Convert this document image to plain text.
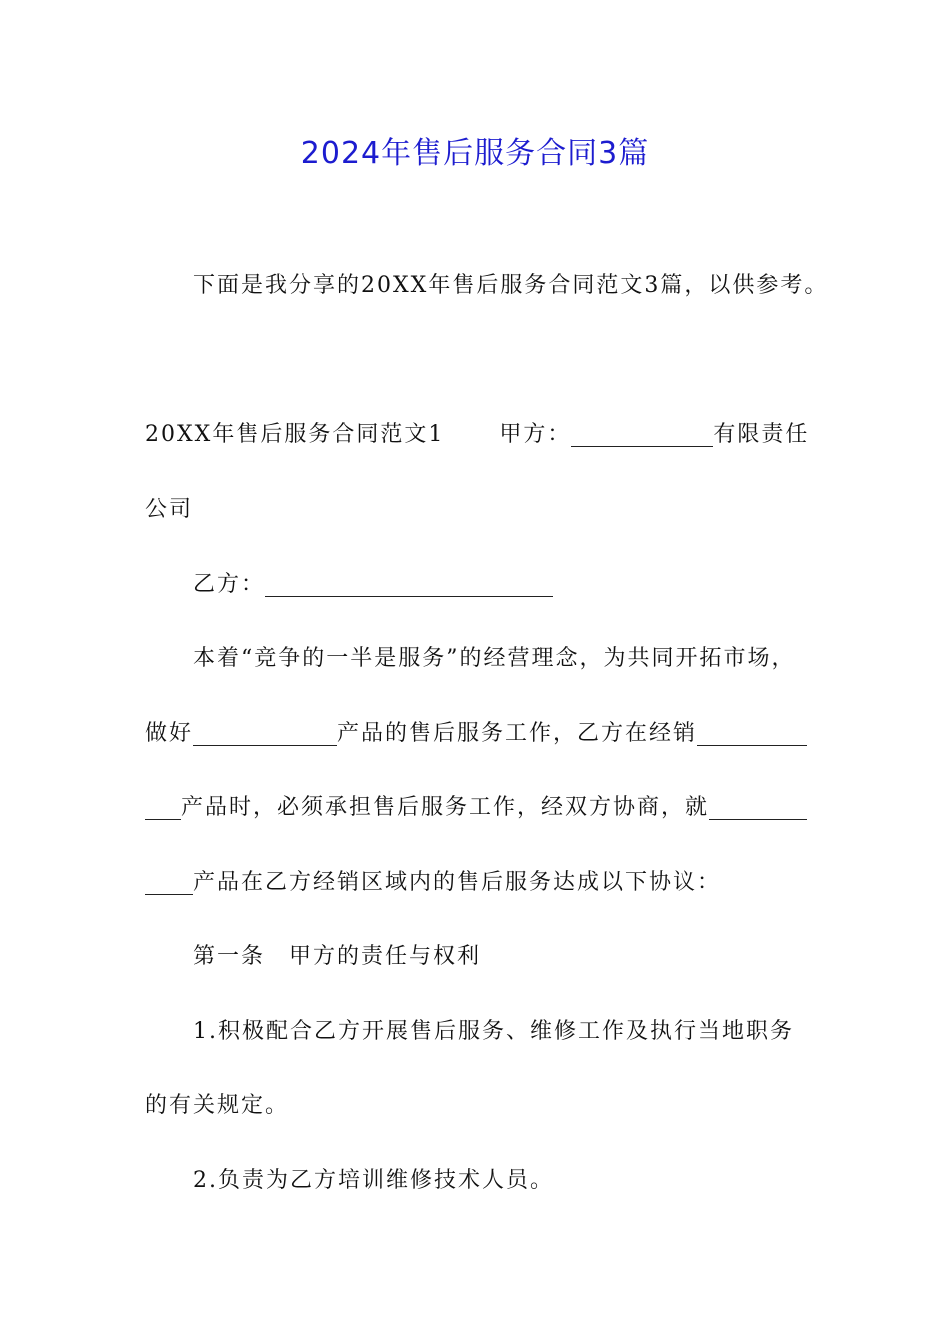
2024年售后服务合同3篇
下面是我分享的20XX年售后服务合同范文3篇，以供参考。
20XX年售后服务合同范文1	甲方：	有限责任
公司
乙方：
本着“竞争的一半是服务”的经营理念，为共同开拓市场，
做好	产品的售后服务工作，乙方在经销
产品时，必须承担售后服务工作，经双方协商，就
产品在乙方经销区域内的售后服务达成以下协议：
第一条　甲方的责任与权利
1.积极配合乙方开展售后服务、维修工作及执行当地职务
的有关规定。
2.负责为乙方培训维修技术人员。
